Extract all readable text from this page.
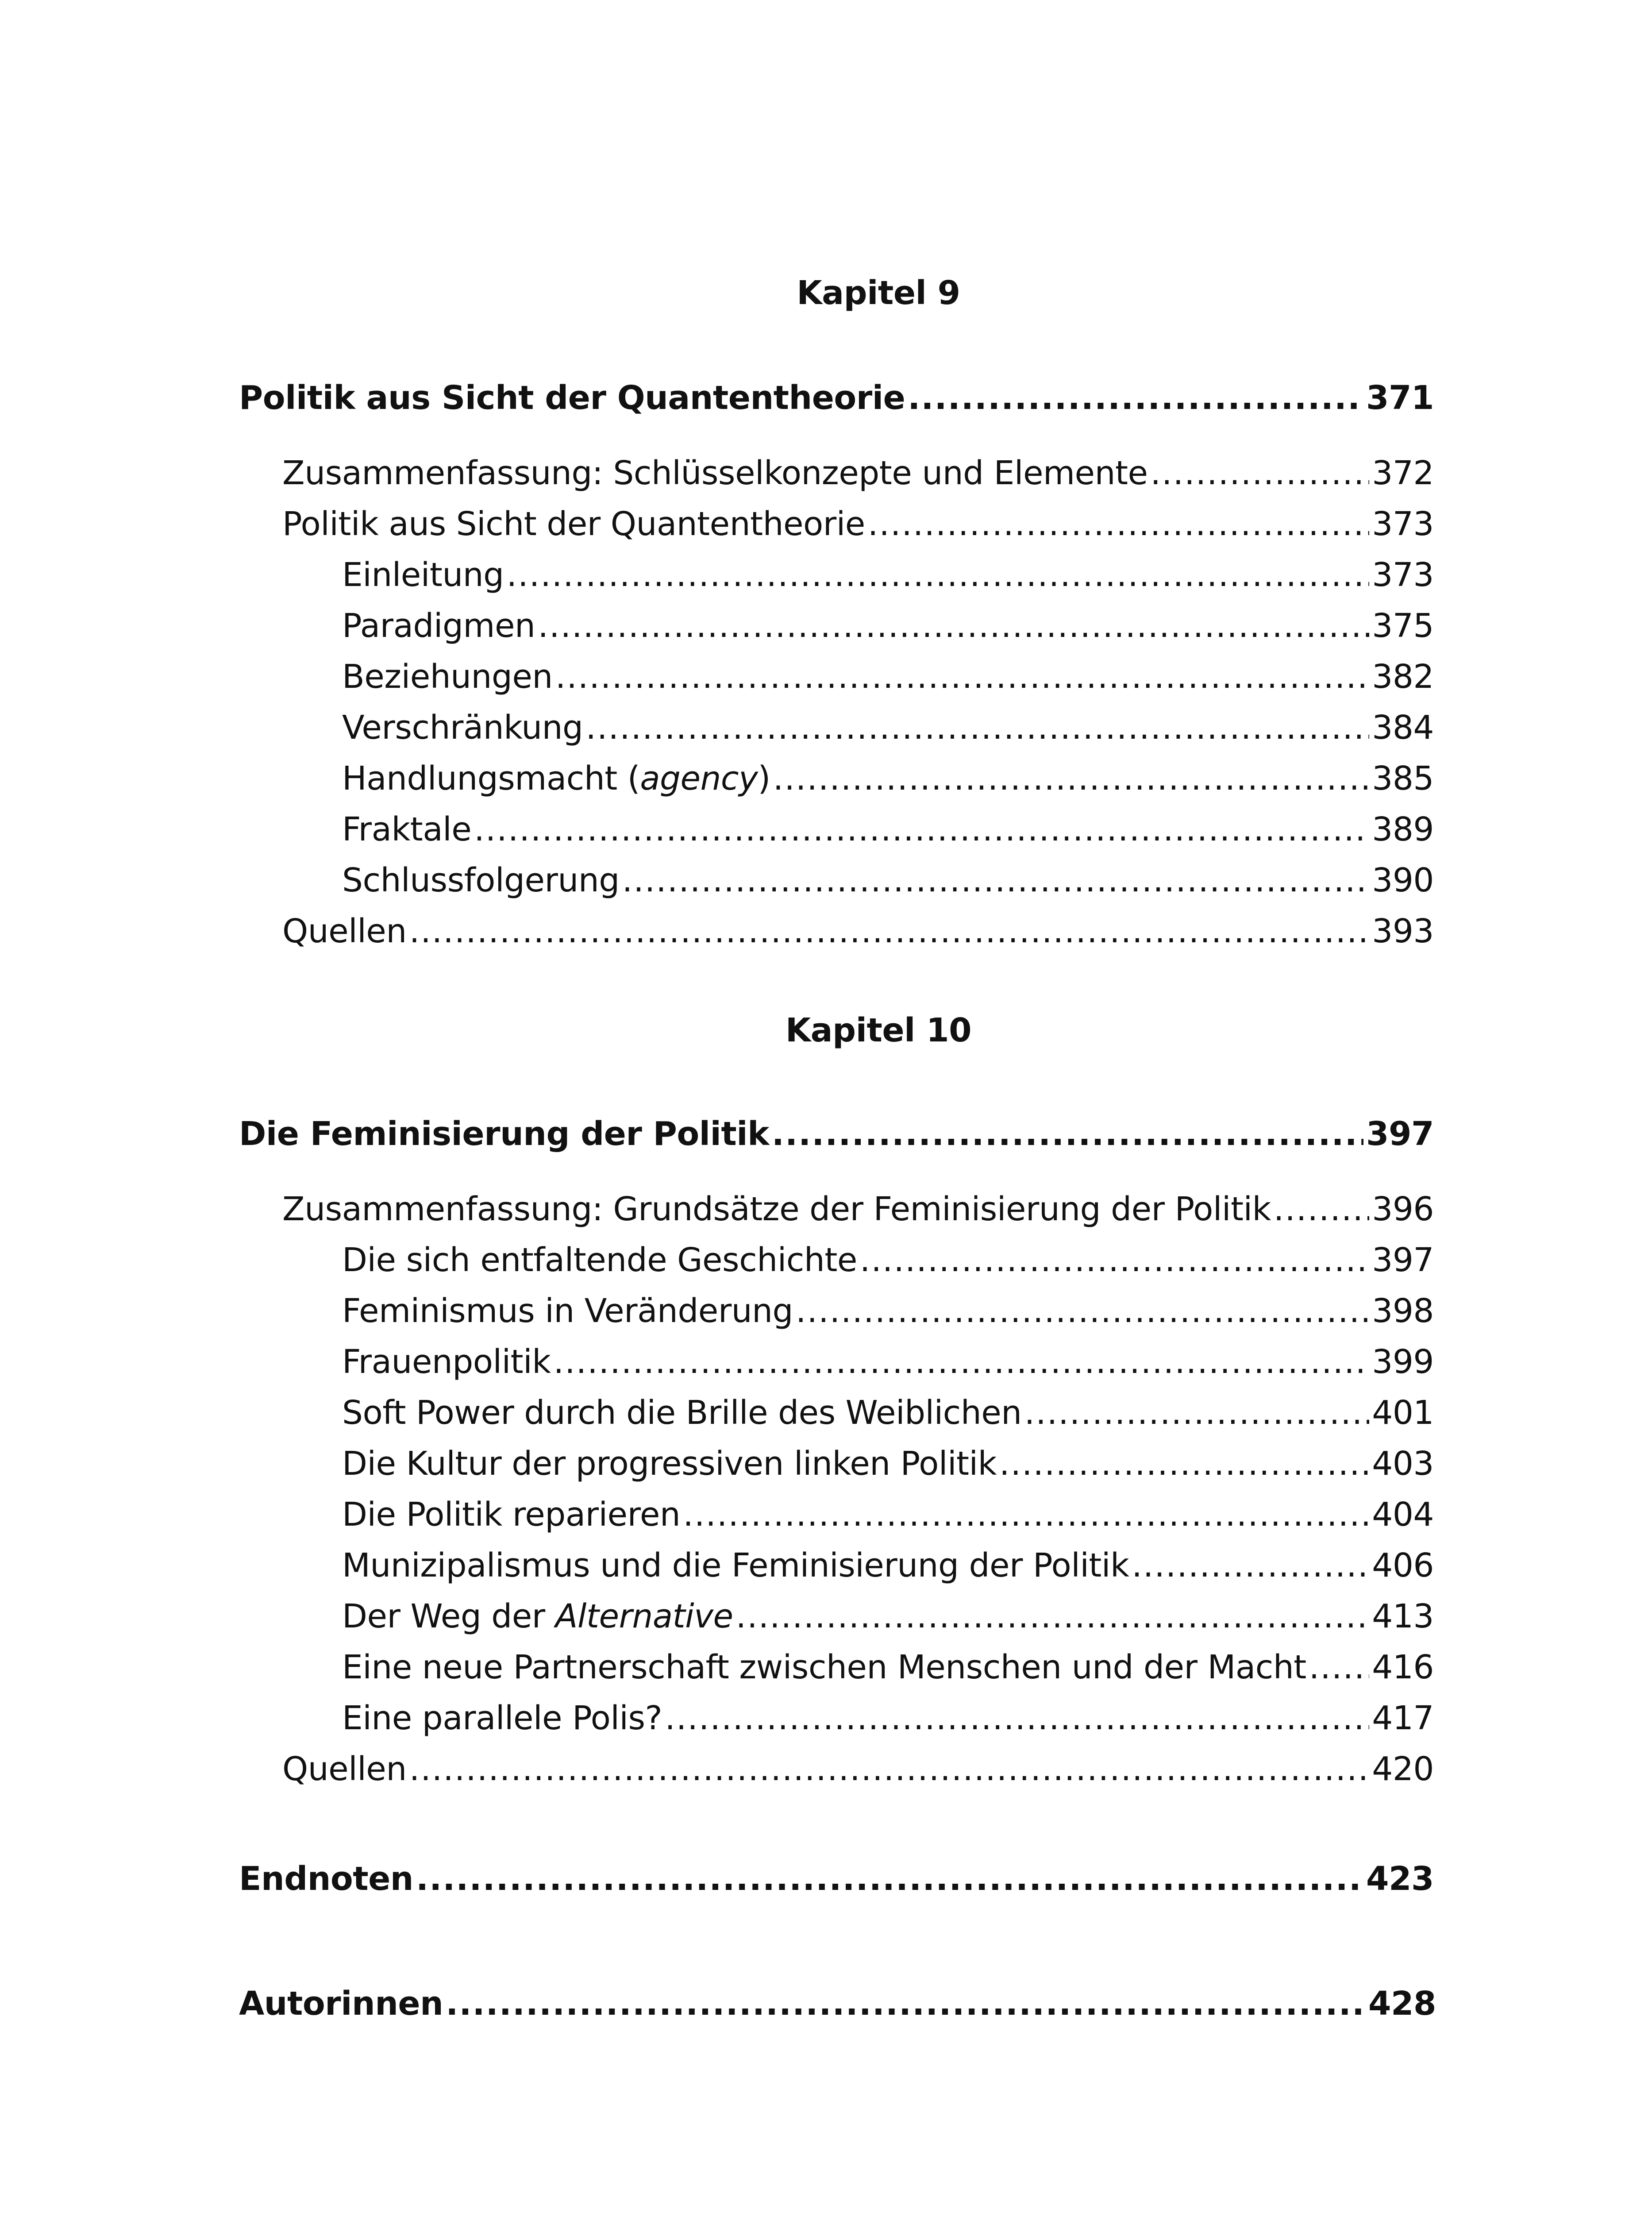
Kapitel 9
Politik aus Sicht der Quantentheorie .....	371
Zusammenfassung: Schlüsselkonzepte und Elemente .....	372
Politik aus Sicht der Quantentheorie .....	373
Einleitung .....	373
Paradigmen .....	375
Beziehungen .....	382
Verschränkung .....	384
Handlungsmacht (agency) .....	385
Fraktale .....	389
Schlussfolgerung .....	390
Quellen .....	393
Kapitel 10
Die Feminisierung der Politik .....	397
Zusammenfassung: Grundsätze der Feminisierung der Politik .....	396
Die sich entfaltende Geschichte .....	397
Feminismus in Veränderung .....	398
Frauenpolitik .....	399
Soft Power durch die Brille des Weiblichen .....	401
Die Kultur der progressiven linken Politik .....	403
Die Politik reparieren .....	404
Munizipalismus und die Feminisierung der Politik .....	406
Der Weg der Alternative .....	413
Eine neue Partnerschaft zwischen Menschen und der Macht ..... 416
Eine parallele Polis? .....	417
Quellen .....	420
Endnoten .....	423
Autorinnen .....	428
